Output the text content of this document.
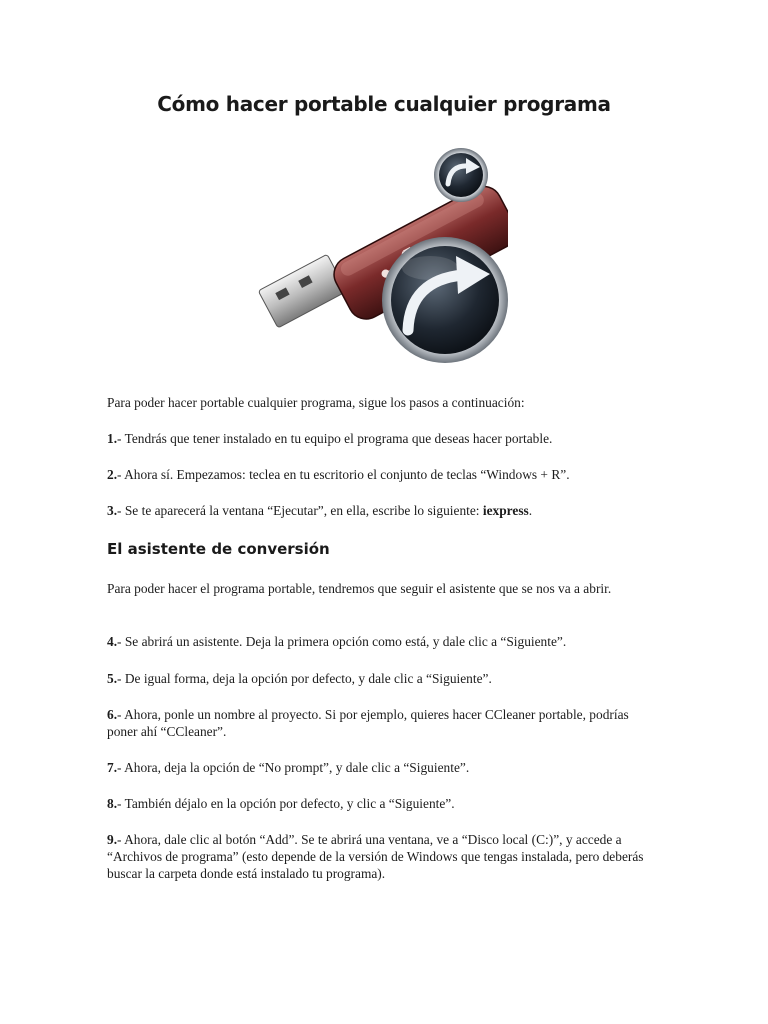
Cómo hacer portable cualquier programa

Para poder hacer portable cualquier programa, sigue los pasos a continuación:

1.- Tendrás que tener instalado en tu equipo el programa que deseas hacer portable.

2.- Ahora sí. Empezamos: teclea en tu escritorio el conjunto de teclas “Windows + R”.

3.- Se te aparecerá la ventana “Ejecutar”, en ella, escribe lo siguiente: iexpress.

El asistente de conversión

Para poder hacer el programa portable, tendremos que seguir el asistente que se nos va a abrir.

4.- Se abrirá un asistente. Deja la primera opción como está, y dale clic a “Siguiente”.

5.- De igual forma, deja la opción por defecto, y dale clic a “Siguiente”.

6.- Ahora, ponle un nombre al proyecto. Si por ejemplo, quieres hacer CCleaner portable, podrías poner ahí “CCleaner”.

7.- Ahora, deja la opción de “No prompt”, y dale clic a “Siguiente”.

8.- También déjalo en la opción por defecto, y clic a “Siguiente”.

9.- Ahora, dale clic al botón “Add”. Se te abrirá una ventana, ve a “Disco local (C:)”, y accede a “Archivos de programa” (esto depende de la versión de Windows que tengas instalada, pero deberás buscar la carpeta donde está instalado tu programa).
